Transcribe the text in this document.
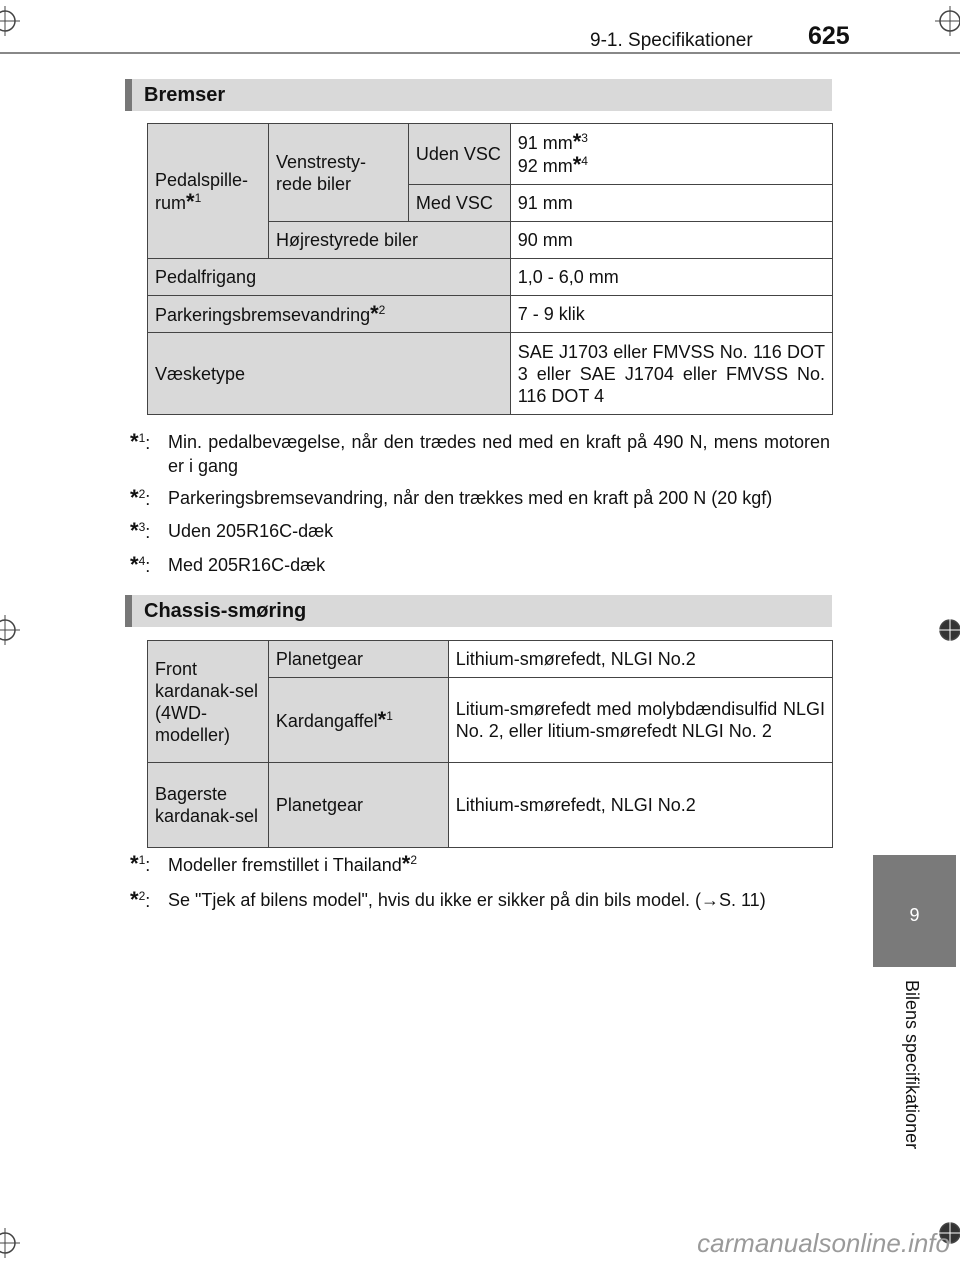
9-1. Specifikationer 625
9
Bilens specifikationer
Bremser
Pedalspille-rum*$^1$	Venstresty-rede biler	Uden VSC	91 mm*$^3$
92 mm*$^4$
		Med VSC	91 mm
	Højrestyrede biler		90 mm
Pedalfrigang			1,0 - 6,0 mm
Parkeringsbremsevandring*$^2$			7 - 9 klik
Væsketype			SAE J1703 eller FMVSS No. 116 DOT 3 eller SAE J1704 eller FMVSS No. 116 DOT 4
*$^1$: Min. pedalbevægelse, når den trædes ned med en kraft på 490 N, mens motoren er i gang
*$^2$: Parkeringsbremsevandring, når den trækkes med en kraft på 200 N (20 kgf)
*$^3$: Uden 205R16C-dæk
*$^4$: Med 205R16C-dæk
Chassis-smøring
Front kardanak-sel (4WD-modeller)	Planetgear	Lithium-smørefedt, NLGI No.2
	Kardangaffel*$^1$	Litium-smørefedt med molybdændisulfid NLGI No. 2, eller litium-smørefedt NLGI No. 2
Bagerste kardanak-sel	Planetgear	Lithium-smørefedt, NLGI No.2
*$^1$: Modeller fremstillet i Thailand*$^2$
*$^2$: Se "Tjek af bilens model", hvis du ikke er sikker på din bils model. (→S. 11)
carmanualsonline.info
